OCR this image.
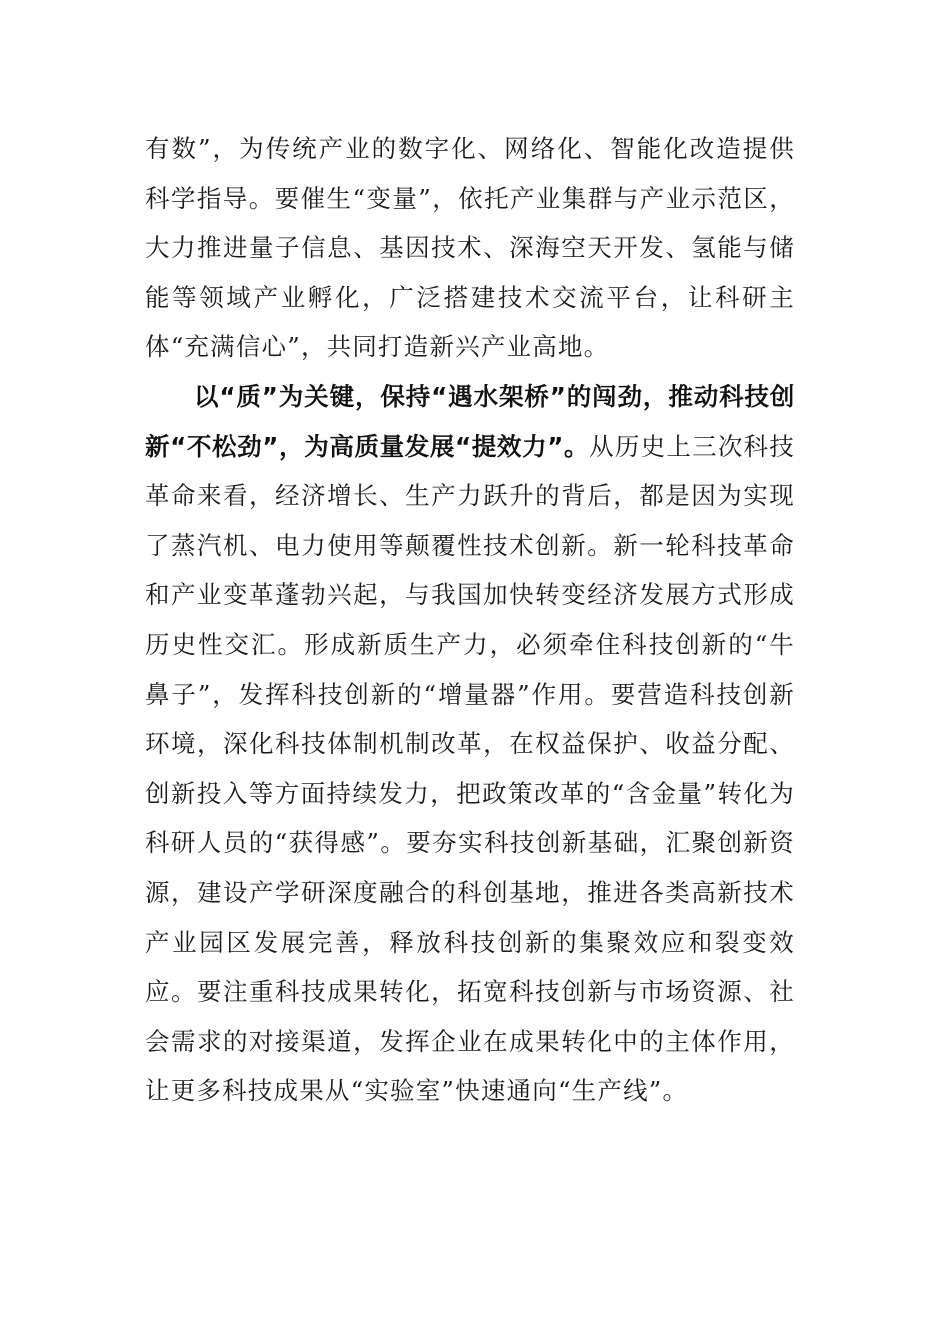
有数”，为传统产业的数字化、网络化、智能化改造提供科学指导。要催生“变量”，依托产业集群与产业示范区，大力推进量子信息、基因技术、深海空天开发、氢能与储能等领域产业孵化，广泛搭建技术交流平台，让科研主体“充满信心”，共同打造新兴产业高地。

以“质”为关键，保持“遇水架桥”的闯劲，推动科技创新“不松劲”，为高质量发展“提效力”。从历史上三次科技革命来看，经济增长、生产力跃升的背后，都是因为实现了蒸汽机、电力使用等颠覆性技术创新。新一轮科技革命和产业变革蓬勃兴起，与我国加快转变经济发展方式形成历史性交汇。形成新质生产力，必须牵住科技创新的“牛鼻子”，发挥科技创新的“增量器”作用。要营造科技创新环境，深化科技体制机制改革，在权益保护、收益分配、创新投入等方面持续发力，把政策改革的“含金量”转化为科研人员的“获得感”。要夯实科技创新基础，汇聚创新资源，建设产学研深度融合的科创基地，推进各类高新技术产业园区发展完善，释放科技创新的集聚效应和裂变效应。要注重科技成果转化，拓宽科技创新与市场资源、社会需求的对接渠道，发挥企业在成果转化中的主体作用，让更多科技成果从“实验室”快速通向“生产线”。
